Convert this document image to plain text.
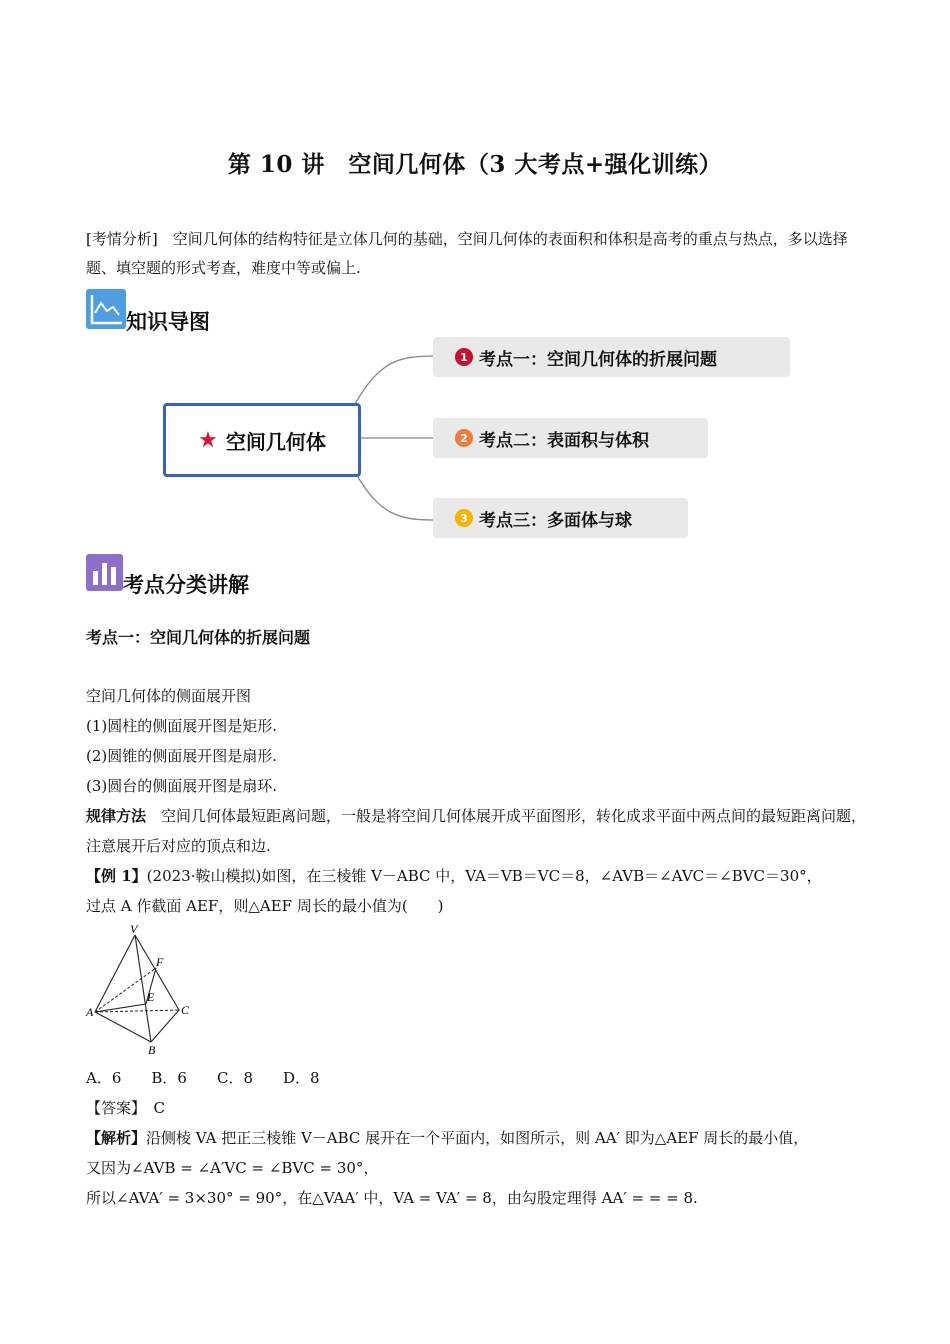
第 10 讲　空间几何体（3 大考点+强化训练）
[考情分析]　空间几何体的结构特征是立体几何的基础，空间几何体的表面积和体积是高考的重点与热点，多以选择题、填空题的形式考查，难度中等或偏上.
知识导图
★ 空间几何体
1 考点一：空间几何体的折展问题
2 考点二：表面积与体积
3 考点三：多面体与球
考点分类讲解
考点一：空间几何体的折展问题
空间几何体的侧面展开图
(1)圆柱的侧面展开图是矩形.
(2)圆锥的侧面展开图是扇形.
(3)圆台的侧面展开图是扇环.
规律方法　空间几何体最短距离问题，一般是将空间几何体展开成平面图形，转化成求平面中两点间的最短距离问题，注意展开后对应的顶点和边.
【例 1】(2023·鞍山模拟)如图，在三棱锥 V－ABC 中，VA＝VB＝VC＝8，∠AVB＝∠AVC＝∠BVC＝30°，
过点 A 作截面 AEF，则△AEF 周长的最小值为(　　)
V
F
E
A	C
B
A．6 B．6 C．8 D．8
【答案】　 C
【解析】沿侧棱 VA 把正三棱锥 V－ABC 展开在一个平面内，如图所示，则 AA′ 即为△AEF 周长的最小值，
又因为∠AVB = ∠A′VC = ∠BVC = 30°，
所以∠AVA′ = 3×30° = 90°，在△VAA′ 中，VA = VA′ = 8，由勾股定理得 AA′ = = = 8.
